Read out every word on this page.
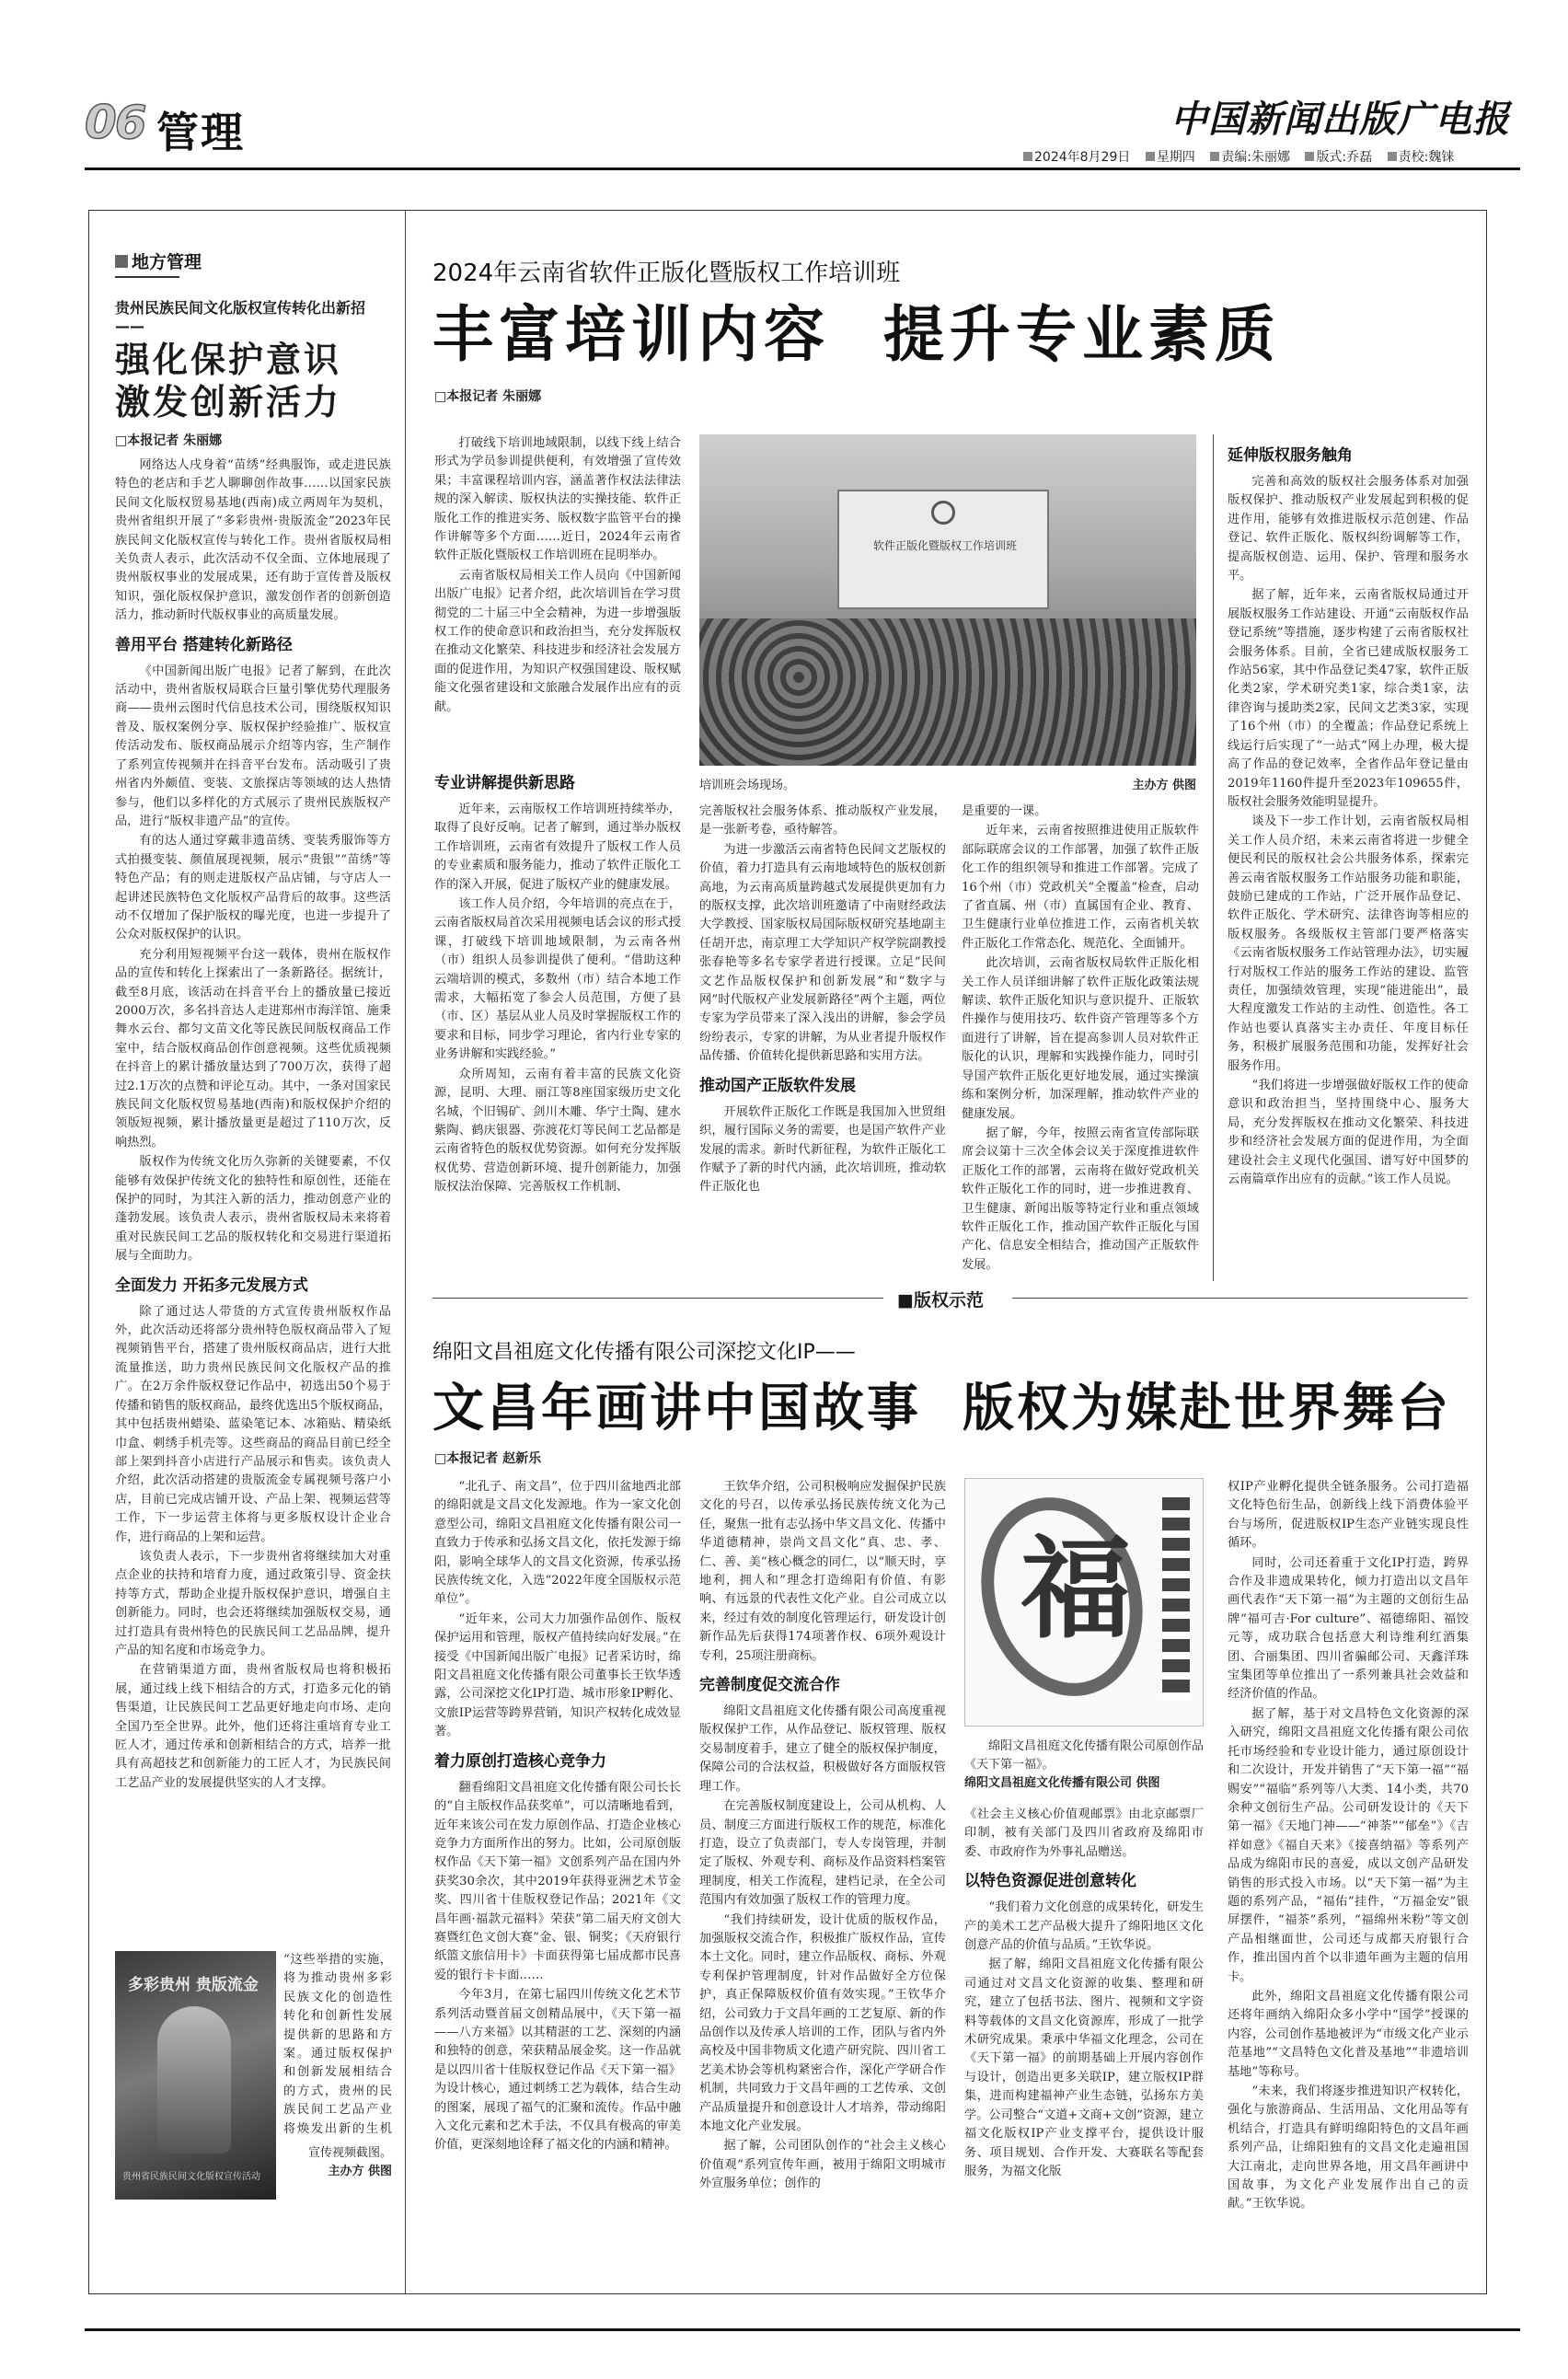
06 管理	中国新闻出版广电报
2024年8月29日 星期四 责编:朱丽娜 版式:乔磊 责校:魏铼
地方管理
贵州民族民间文化版权宣传转化出新招——
强化保护意识
激发创新活力
□本报记者 朱丽娜

网络达人戌身着“苗绣”经典服饰，或走进民族特色的老店和手艺人聊聊创作故事……以国家民族民间文化版权贸易基地(西南)成立两周年为契机，贵州省组织开展了“多彩贵州·贵版流金”2023年民族民间文化版权宣传与转化工作。贵州省版权局相关负责人表示，此次活动不仅全面、立体地展现了贵州版权事业的发展成果，还有助于宣传普及版权知识，强化版权保护意识，激发创作者的创新创造活力，推动新时代版权事业的高质量发展。

善用平台 搭建转化新路径

《中国新闻出版广电报》记者了解到，在此次活动中，贵州省版权局联合巨量引擎优势代理服务商——贵州云图时代信息技术公司，围绕版权知识普及、版权案例分享、版权保护经验推广、版权宣传活动发布、版权商品展示介绍等内容，生产制作了系列宣传视频并在抖音平台发布。活动吸引了贵州省内外颇值、变装、文旅探店等领域的达人热情参与，他们以多样化的方式展示了贵州民族版权产品，进行“版权非遗产品”的宣传。

有的达人通过穿戴非遗苗绣、变装秀服饰等方式拍摄变装、颜值展现视频，展示“贵银”“苗绣”等特色产品；有的则走进版权产品店铺，与守店人一起讲述民族特色文化版权产品背后的故事。这些活动不仅增加了保护版权的曝光度，也进一步提升了公众对版权保护的认识。

充分利用短视频平台这一载体，贵州在版权作品的宣传和转化上探索出了一条新路径。据统计，截至8月底，该活动在抖音平台上的播放量已接近2000万次，多名抖音达人走进郑州市海洋馆、施秉舞水云台、都匀文苗文化等民族民间版权商品工作室中，结合版权商品创作创意视频。这些优质视频在抖音上的累计播放量达到了700万次，获得了超过2.1万次的点赞和评论互动。其中，一条对国家民族民间文化版权贸易基地(西南)和版权保护介绍的领版短视频，累计播放量更是超过了110万次，反响热烈。

版权作为传统文化历久弥新的关键要素，不仅能够有效保护传统文化的独特性和原创性，还能在保护的同时，为其注入新的活力，推动创意产业的蓬勃发展。该负责人表示，贵州省版权局未来将着重对民族民间工艺品的版权转化和交易进行渠道拓展与全面助力。

全面发力 开拓多元发展方式

除了通过达人带货的方式宣传贵州版权作品外，此次活动还将部分贵州特色版权商品带入了短视频销售平台，搭建了贵州版权商品店，进行大批流量推送，助力贵州民族民间文化版权产品的推广。在2万余件版权登记作品中，初选出50个易于传播和销售的版权商品，最终优选出5个版权商品，其中包括贵州蜡染、蓝染笔记本、冰箱贴、精染纸巾盒、刺绣手机壳等。这些商品的商品目前已经全部上架到抖音小店进行产品展示和售卖。该负责人介绍，此次活动搭建的贵版流金专属视频号落户小店，目前已完成店铺开设、产品上架、视频运营等工作，下一步运营主体将与更多版权设计企业合作，进行商品的上架和运营。

该负责人表示，下一步贵州省将继续加大对重点企业的扶持和培育力度，通过政策引导、资金扶持等方式，帮助企业提升版权保护意识，增强自主创新能力。同时，也会还将继续加强版权交易，通过打造具有贵州特色的民族民间工艺品品牌，提升产品的知名度和市场竞争力。

在营销渠道方面，贵州省版权局也将积极拓展，通过线上线下相结合的方式，打造多元化的销售渠道，让民族民间工艺品更好地走向市场、走向全国乃至全世界。此外，他们还将注重培育专业工匠人才，通过传承和创新相结合的方式，培养一批具有高超技艺和创新能力的工匠人才，为民族民间工艺品产业的发展提供坚实的人才支撑。

多彩贵州 贵版流金
贵州省民族民间文化版权宣传活动

“这些举措的实施，将为推动贵州多彩民族文化的创造性转化和创新性发展提供新的思路和方案。通过版权保护和创新发展相结合的方式，贵州的民族民间工艺品产业将焕发出新的生机

宣传视频截图。
主办方 供图
2024年云南省软件正版化暨版权工作培训班
丰富培训内容  提升专业素质
□本报记者 朱丽娜

打破线下培训地域限制，以线下线上结合形式为学员参训提供便利，有效增强了宣传效果；丰富课程培训内容，涵盖著作权法法律法规的深入解读、版权执法的实操技能、软件正版化工作的推进实务、版权数字监管平台的操作讲解等多个方面……近日，2024年云南省软件正版化暨版权工作培训班在昆明举办。

云南省版权局相关工作人员向《中国新闻出版广电报》记者介绍，此次培训旨在学习贯彻党的二十届三中全会精神，为进一步增强版权工作的使命意识和政治担当，充分发挥版权在推动文化繁荣、科技进步和经济社会发展方面的促进作用，为知识产权强国建设、版权赋能文化强省建设和文旅融合发展作出应有的贡献。

软件正版化暨版权工作培训班
培训班会场现场。	主办方 供图
专业讲解提供新思路

近年来，云南版权工作培训班持续举办，取得了良好反响。记者了解到，通过举办版权工作培训班，云南省有效提升了版权工作人员的专业素质和服务能力，推动了软件正版化工作的深入开展，促进了版权产业的健康发展。

该工作人员介绍，今年培训的亮点在于，云南省版权局首次采用视频电话会议的形式授课，打破线下培训地域限制，为云南各州（市）组织人员参训提供了便利。“借助这种云端培训的模式，多数州（市）结合本地工作需求，大幅拓宽了参会人员范围，方便了县（市、区）基层从业人员及时掌握版权工作的要求和目标，同步学习理论，省内行业专家的业务讲解和实践经验。”

众所周知，云南有着丰富的民族文化资源，昆明、大理、丽江等8座国家级历史文化名城，个旧锡矿、剑川木雕、华宁土陶、建水紫陶、鹤庆银器、弥渡花灯等民间工艺品都是云南省特色的版权优势资源。如何充分发挥版权优势、营造创新环境、提升创新能力，加强版权法治保障、完善版权工作机制、

完善版权社会服务体系、推动版权产业发展，是一张新考卷，亟待解答。

为进一步激活云南省特色民间文艺版权的价值，着力打造具有云南地域特色的版权创新高地，为云南高质量跨越式发展提供更加有力的版权支撑，此次培训班邀请了中南财经政法大学教授、国家版权局国际版权研究基地副主任胡开忠，南京理工大学知识产权学院副教授张春艳等多名专家学者进行授课。立足“民间文艺作品版权保护和创新发展”和“数字与网”时代版权产业发展新路径”两个主题，两位专家为学员带来了深入浅出的讲解，参会学员纷纷表示，专家的讲解，为从业者提升版权作品传播、价值转化提供新思路和实用方法。

推动国产正版软件发展

开展软件正版化工作既是我国加入世贸组织，履行国际义务的需要，也是国产软件产业发展的需求。新时代新征程，为软件正版化工作赋予了新的时代内涵，此次培训班，推动软件正版化也

是重要的一课。

近年来，云南省按照推进使用正版软件部际联席会议的工作部署，加强了软件正版化工作的组织领导和推进工作部署。完成了16个州（市）党政机关“全覆盖”检查，启动了省直属、州（市）直属国有企业、教育、卫生健康行业单位推进工作，云南省机关软件正版化工作常态化、规范化、全面铺开。

此次培训，云南省版权局软件正版化相关工作人员详细讲解了软件正版化政策法规解读、软件正版化知识与意识提升、正版软件操作与使用技巧、软件资产管理等多个方面进行了讲解，旨在提高参训人员对软件正版化的认识，理解和实践操作能力，同时引导国产软件正版化更好地发展，通过实操演练和案例分析，加深理解，推动软件产业的健康发展。

据了解，今年，按照云南省宣传部际联席会议第十三次全体会议关于深度推进软件正版化工作的部署，云南将在做好党政机关软件正版化工作的同时，进一步推进教育、卫生健康、新闻出版等特定行业和重点领域软件正版化工作，推动国产软件正版化与国产化、信息安全相结合，推动国产正版软件发展。

延伸版权服务触角

完善和高效的版权社会服务体系对加强版权保护、推动版权产业发展起到积极的促进作用，能够有效推进版权示范创建、作品登记、软件正版化、版权纠纷调解等工作，提高版权创造、运用、保护、管理和服务水平。

据了解，近年来，云南省版权局通过开展版权服务工作站建设、开通“云南版权作品登记系统”等措施，逐步构建了云南省版权社会服务体系。目前，全省已建成版权服务工作站56家，其中作品登记类47家，软件正版化类2家，学术研究类1家，综合类1家，法律咨询与援助类2家，民间文艺类3家，实现了16个州（市）的全覆盖；作品登记系统上线运行后实现了“一站式”网上办理，极大提高了作品的登记效率，全省作品年登记量由2019年1160件提升至2023年109655件，版权社会服务效能明显提升。

谈及下一步工作计划，云南省版权局相关工作人员介绍，未来云南省将进一步健全便民利民的版权社会公共服务体系，探索完善云南省版权服务工作站服务功能和职能，鼓励已建成的工作站，广泛开展作品登记、软件正版化、学术研究、法律咨询等相应的版权服务。各级版权主管部门要严格落实《云南省版权服务工作站管理办法》，切实履行对版权工作站的服务工作站的建设、监管责任，加强绩效管理，实现“能进能出”，最大程度激发工作站的主动性、创造性。各工作站也要认真落实主办责任、年度目标任务，积极扩展服务范围和功能，发挥好社会服务作用。

“我们将进一步增强做好版权工作的使命意识和政治担当，坚持围绕中心、服务大局，充分发挥版权在推动文化繁荣、科技进步和经济社会发展方面的促进作用，为全面建设社会主义现代化强国、谱写好中国梦的云南篇章作出应有的贡献。”该工作人员说。

■版权示范
绵阳文昌祖庭文化传播有限公司深挖文化IP——
文昌年画讲中国故事  版权为媒赴世界舞台
□本报记者 赵新乐

“北孔子、南文昌”，位于四川盆地西北部的绵阳就是文昌文化发源地。作为一家文化创意型公司，绵阳文昌祖庭文化传播有限公司一直致力于传承和弘扬文昌文化，依托发源于绵阳，影响全球华人的文昌文化资源，传承弘扬民族传统文化，入选“2022年度全国版权示范单位”。

“近年来，公司大力加强作品创作、版权保护运用和管理，版权产值持续向好发展。”在接受《中国新闻出版广电报》记者采访时，绵阳文昌祖庭文化传播有限公司董事长王钦华透露，公司深挖文化IP打造、城市形象IP孵化、文旅IP运营等跨界营销，知识产权转化成效显著。

着力原创打造核心竞争力

翻看绵阳文昌祖庭文化传播有限公司长长的“自主版权作品获奖单”，可以清晰地看到，近年来该公司在发力原创作品、打造企业核心竞争力方面所作出的努力。比如，公司原创版权作品《天下第一福》文创系列产品在国内外获奖30余次，其中2019年获得亚洲艺术节金奖、四川省十佳版权登记作品；2021年《文昌年画·福款元福料》荣获“第二届天府文创大赛暨红色文创大赛”金、银、铜奖；《天府银行纸篮文旅信用卡》卡面获得第七届成都市民喜爱的银行卡卡面……

今年3月，在第七届四川传统文化艺术节系列活动暨首届文创精品展中，《天下第一福——八方来福》以其精湛的工艺、深刻的内涵和独特的创意，荣获精品展金奖。这一作品就是以四川省十佳版权登记作品《天下第一福》为设计核心，通过刺绣工艺为载体，结合生动的图案，展现了福气的汇聚和流传。作品中融入文化元素和艺术手法，不仅具有极高的审美价值，更深刻地诠释了福文化的内涵和精神。

王钦华介绍，公司积极响应发掘保护民族文化的号召，以传承弘扬民族传统文化为己任，聚焦一批有志弘扬中华文昌文化、传播中华道德精神，崇尚文昌文化“真、忠、孝、仁、善、美”核心概念的同仁，以“顺天时，享地利，拥人和”理念打造绵阳有价值、有影响、有远景的代表性文化产业。自公司成立以来，经过有效的制度化管理运行，研发设计创新作品先后获得174项著作权、6项外观设计专利，25项注册商标。

完善制度促交流合作

绵阳文昌祖庭文化传播有限公司高度重视版权保护工作，从作品登记、版权管理、版权交易制度着手，建立了健全的版权保护制度，保障公司的合法权益，积极做好各方面版权管理工作。

在完善版权制度建设上，公司从机构、人员、制度三方面进行版权工作的规范，标准化打造，设立了负责部门，专人专岗管理，并制定了版权、外观专利、商标及作品资料档案管理制度，相关工作流程，建档记录，在全公司范围内有效加强了版权工作的管理力度。

“我们持续研发，设计优质的版权作品，加强版权交流合作，积极推广版权作品，宣传本土文化。同时，建立作品版权、商标、外观专利保护管理制度，针对作品做好全方位保护，真正保障版权价值有效实现。”王钦华介绍，公司致力于文昌年画的工艺复原、新的作品创作以及传承人培训的工作，团队与省内外高校及中国非物质文化遗产研究院、四川省工艺美术协会等机构紧密合作，深化产学研合作机制，共同致力于文昌年画的工艺传承、文创产品质量提升和创意设计人才培养，带动绵阳本地文化产业发展。

据了解，公司团队创作的“社会主义核心价值观”系列宣传年画，被用于绵阳文明城市外宣服务单位；创作的

福
绵阳文昌祖庭文化传播有限公司原创作品《天下第一福》。
绵阳文昌祖庭文化传播有限公司 供图

《社会主义核心价值观邮票》由北京邮票厂印制，被有关部门及四川省政府及绵阳市委、市政府作为外事礼品赠送。

以特色资源促进创意转化

“我们着力文化创意的成果转化，研发生产的美术工艺产品极大提升了绵阳地区文化创意产品的价值与品质。”王钦华说。

据了解，绵阳文昌祖庭文化传播有限公司通过对文昌文化资源的收集、整理和研究，建立了包括书法、图片、视频和文字资料等载体的文昌文化资源库，形成了一批学术研究成果。秉承中华福文化理念，公司在《天下第一福》的前期基础上开展内容创作与设计，创造出更多关联IP，建立版权IP群集，进而构建福神产业生态链，弘扬东方美学。公司整合“文道+文商+文创”资源，建立福文化版权IP产业支撑平台，提供设计服务、项目规划、合作开发、大赛联名等配套服务，为福文化版

权IP产业孵化提供全链条服务。公司打造福文化特色衍生品，创新线上线下消费体验平台与场所，促进版权IP生态产业链实现良性循环。

同时，公司还着重于文化IP打造，跨界合作及非遗成果转化，倾力打造出以文昌年画代表作“天下第一福”为主题的文创衍生品牌“福可吉·For culture”、福德绵阳、福饺元等，成功联合包括意大利诗维利红酒集团、合丽集团、四川省骗邮公司、天鑫洋珠宝集团等单位推出了一系列兼具社会效益和经济价值的作品。

据了解，基于对文昌特色文化资源的深入研究，绵阳文昌祖庭文化传播有限公司依托市场经验和专业设计能力，通过原创设计和二次设计，开发并销售了“天下第一福”“福赐安”“福临”系列等八大类、14小类，共70余种文创衍生产品。公司研发设计的《天下第一福》《天地门神——“神荼”“郁垒”》《吉祥如意》《福自天来》《接喜纳福》等系列产品成为绵阳市民的喜爱，成以文创产品研发销售的形式投入市场。以“天下第一福”为主题的系列产品，“福佑”挂件，“万福金安”银屏摆件，“福茶”系列，“福绵州米粉”等文创产品相继面世，公司还与成都天府银行合作，推出国内首个以非遗年画为主题的信用卡。

此外，绵阳文昌祖庭文化传播有限公司还将年画纳入绵阳众多小学中“国学”授课的内容，公司创作基地被评为“市级文化产业示范基地”“文昌特色文化普及基地”“非遗培训基地”等称号。

“未来，我们将逐步推进知识产权转化，强化与旅游商品、生活用品、文化用品等有机结合，打造具有鲜明绵阳特色的文昌年画系列产品，让绵阳独有的文昌文化走遍祖国大江南北，走向世界各地，用文昌年画讲中国故事，为文化产业发展作出自己的贡献。”王钦华说。
